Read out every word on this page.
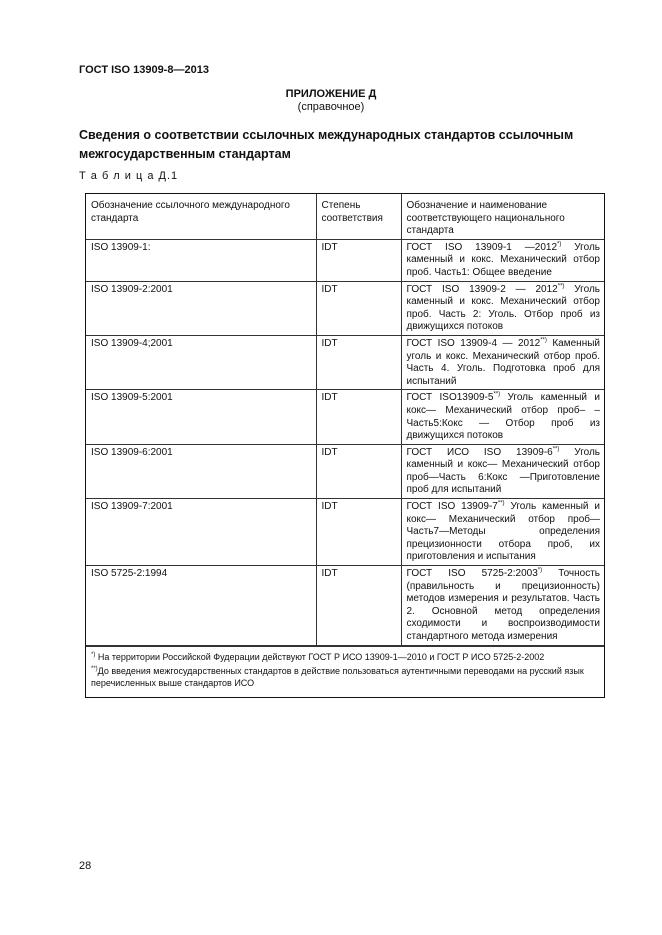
ГОСТ ISO 13909-8—2013
ПРИЛОЖЕНИЕ Д
(справочное)
Сведения о соответствии ссылочных международных стандартов ссылочным межгосударственным стандартам
Т а б л и ц а Д.1
Обозначение ссылочного международного стандарта	Степень соответствия	Обозначение и наименование соответствующего национального стандарта
ISO 13909-1:	IDT	ГОСТ ISO 13909-1 —2012*) Уголь каменный и кокс. Механический отбор проб. Часть1: Общее введение
ISO 13909-2:2001	IDT	ГОСТ ISO 13909-2 — 2012**) Уголь каменный и кокс. Механический отбор проб. Часть 2: Уголь. Отбор проб из движущихся потоков
ISO 13909-4;2001	IDT	ГОСТ ISO 13909-4 — 2012**) Каменный уголь и кокс. Механический отбор проб. Часть 4. Уголь. Подготовка проб для испытаний
ISO 13909-5:2001	IDT	ГОСТ ISO13909-5**) Уголь каменный и кокс— Механический отбор проб– –Часть5:Кокс — Отбор проб из движущихся потоков
ISO 13909-6:2001	IDT	ГОСТ ИСО ISO 13909-6**) Уголь каменный и кокс— Механический отбор проб—Часть 6:Кокс —Приготовление проб для испытаний
ISO 13909-7:2001	IDT	ГОСТ ISO 13909-7**) Уголь каменный и кокс— Механический отбор проб—Часть7—Методы определения прецизионности отбора проб, их приготовления и испытания
ISO 5725-2:1994	IDT	ГОСТ ISO 5725-2:2003*) Точность (правильность и прецизионность) методов измерения и результатов. Часть 2. Основной метод определения сходимости и воспроизводимости стандартного метода измерения
*) На территории Российской Фудерации действуют ГОСТ Р ИСО 13909-1—2010 и ГОСТ Р ИСО 5725-2-2002
**)До введения межгосударственных стандартов в действие пользоваться аутентичными переводами на русский язык перечисленных выше стандартов ИСО
28
